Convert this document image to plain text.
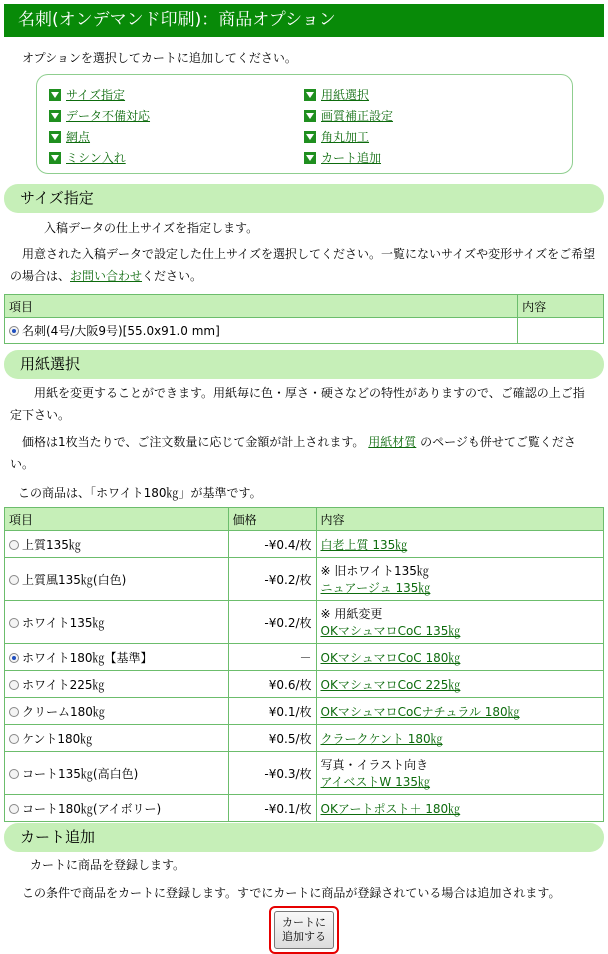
名刺(オンデマンド印刷)：商品オプション
オプションを選択してカートに追加してください。
サイズ指定
データ不備対応
網点
ミシン入れ
用紙選択
画質補正設定
角丸加工
カート追加
サイズ指定
入稿データの仕上サイズを指定します。
用意された入稿データで設定した仕上サイズを選択してください。一覧にないサイズや変形サイズをご希望の場合は、お問い合わせください。
項目	内容
名刺(4号/大阪9号)[55.0x91.0 mm]	
用紙選択
用紙を変更することができます。用紙毎に色・厚さ・硬さなどの特性がありますので、ご確認の上ご指定下さい。
価格は1枚当たりで、ご注文数量に応じて金額が計上されます。 用紙材質 のページも併せてご覧ください。
この商品は、「ホワイト180㎏」が基準です。
項目	価格	内容
上質135㎏	-¥0.4/枚	白老上質 135㎏
上質風135㎏(白色)	-¥0.2/枚	※ 旧ホワイト135㎏
ニュアージュ 135㎏
ホワイト135㎏	-¥0.2/枚	※ 用紙変更
OKマシュマロCoC 135㎏
ホワイト180㎏【基準】	－	OKマシュマロCoC 180㎏
ホワイト225㎏	¥0.6/枚	OKマシュマロCoC 225㎏
クリーム180㎏	¥0.1/枚	OKマシュマロCoCナチュラル 180㎏
ケント180㎏	¥0.5/枚	クラークケント 180㎏
コート135㎏(高白色)	-¥0.3/枚	写真・イラスト向き
アイベストW 135㎏
コート180㎏(アイボリー)	-¥0.1/枚	OKアートポスト＋ 180㎏
カート追加
カートに商品を登録します。
この条件で商品をカートに登録します。すでにカートに商品が登録されている場合は追加されます。
カートに
追加する
